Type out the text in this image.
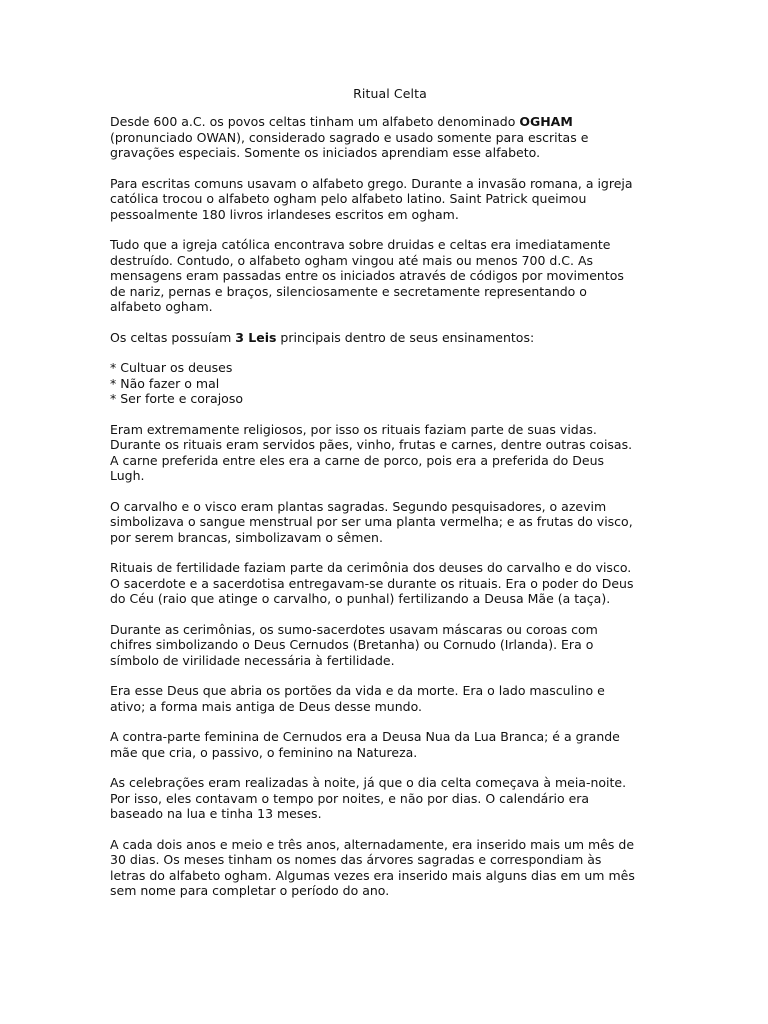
Ritual Celta

Desde 600 a.C. os povos celtas tinham um alfabeto denominado OGHAM
(pronunciado OWAN), considerado sagrado e usado somente para escritas e
gravações especiais. Somente os iniciados aprendiam esse alfabeto.

Para escritas comuns usavam o alfabeto grego. Durante a invasão romana, a igreja
católica trocou o alfabeto ogham pelo alfabeto latino. Saint Patrick queimou
pessoalmente 180 livros irlandeses escritos em ogham.

Tudo que a igreja católica encontrava sobre druidas e celtas era imediatamente
destruído. Contudo, o alfabeto ogham vingou até mais ou menos 700 d.C. As
mensagens eram passadas entre os iniciados através de códigos por movimentos
de nariz, pernas e braços, silenciosamente e secretamente representando o
alfabeto ogham.

Os celtas possuíam 3 Leis principais dentro de seus ensinamentos:

* Cultuar os deuses
* Não fazer o mal
* Ser forte e corajoso

Eram extremamente religiosos, por isso os rituais faziam parte de suas vidas.
Durante os rituais eram servidos pães, vinho, frutas e carnes, dentre outras coisas.
A carne preferida entre eles era a carne de porco, pois era a preferida do Deus
Lugh.

O carvalho e o visco eram plantas sagradas. Segundo pesquisadores, o azevim
simbolizava o sangue menstrual por ser uma planta vermelha; e as frutas do visco,
por serem brancas, simbolizavam o sêmen.

Rituais de fertilidade faziam parte da cerimônia dos deuses do carvalho e do visco.
O sacerdote e a sacerdotisa entregavam-se durante os rituais. Era o poder do Deus
do Céu (raio que atinge o carvalho, o punhal) fertilizando a Deusa Mãe (a taça).

Durante as cerimônias, os sumo-sacerdotes usavam máscaras ou coroas com
chifres simbolizando o Deus Cernudos (Bretanha) ou Cornudo (Irlanda). Era o
símbolo de virilidade necessária à fertilidade.

Era esse Deus que abria os portões da vida e da morte. Era o lado masculino e
ativo; a forma mais antiga de Deus desse mundo.

A contra-parte feminina de Cernudos era a Deusa Nua da Lua Branca; é a grande
mãe que cria, o passivo, o feminino na Natureza.

As celebrações eram realizadas à noite, já que o dia celta começava à meia-noite.
Por isso, eles contavam o tempo por noites, e não por dias. O calendário era
baseado na lua e tinha 13 meses.

A cada dois anos e meio e três anos, alternadamente, era inserido mais um mês de
30 dias. Os meses tinham os nomes das árvores sagradas e correspondiam às
letras do alfabeto ogham. Algumas vezes era inserido mais alguns dias em um mês
sem nome para completar o período do ano.
